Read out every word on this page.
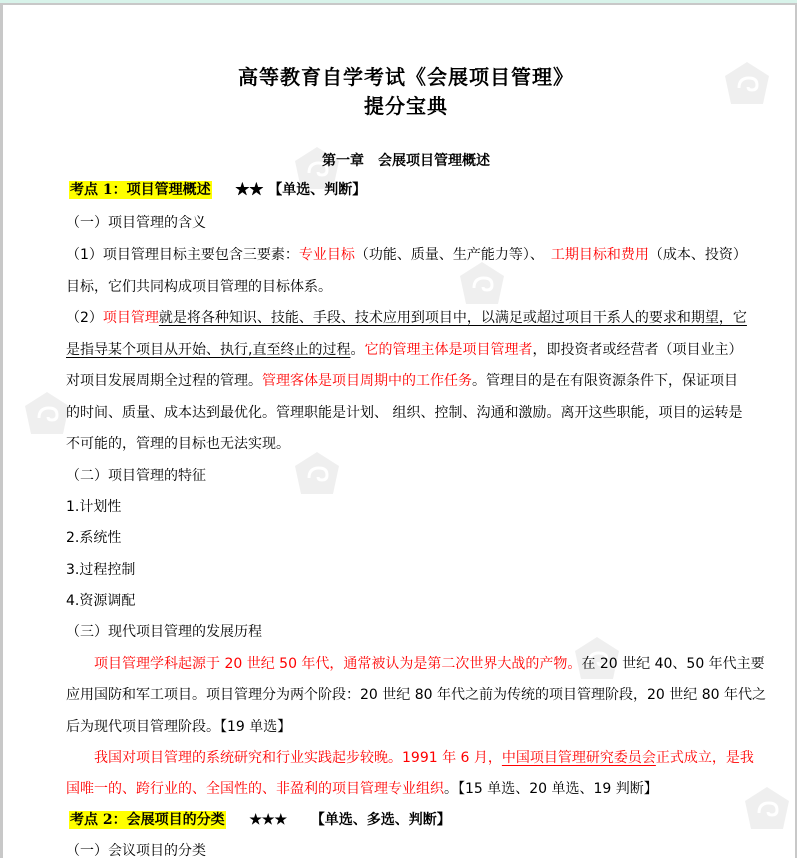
高等教育自学考试《会展项目管理》
提分宝典
第一章　会展项目管理概述
考点 1：项目管理概述 ★★ 【单选、判断】
（一）项目管理的含义
（1）项目管理目标主要包含三要素：专业目标（功能、质量、生产能力等）、　工期目标和费用（成本、投资）
目标，它们共同构成项目管理的目标体系。
（2）项目管理就是将各种知识、技能、手段、技术应用到项目中，以满足或超过项目干系人的要求和期望，它
是指导某个项目从开始、执行,直至终止的过程。它的管理主体是项目管理者，即投资者或经营者（项目业主）
对项目发展周期全过程的管理。管理客体是项目周期中的工作任务。管理目的是在有限资源条件下，保证项目
的时间、质量、成本达到最优化。管理职能是计划、 组织、控制、沟通和激励。离开这些职能，项目的运转是
不可能的，管理的目标也无法实现。
（二）项目管理的特征
1.计划性
2.系统性
3.过程控制
4.资源调配
（三）现代项目管理的发展历程
项目管理学科起源于 20 世纪 50 年代，通常被认为是第二次世界大战的产物。在 20 世纪 40、50 年代主要
应用国防和军工项目。项目管理分为两个阶段：20 世纪 80 年代之前为传统的项目管理阶段，20 世纪 80 年代之
后为现代项目管理阶段。【19 单选】
我国对项目管理的系统研究和行业实践起步较晚。1991 年 6 月，中国项目管理研究委员会正式成立，是我
国唯一的、跨行业的、全国性的、非盈利的项目管理专业组织。【15 单选、20 单选、19 判断】
考点 2：会展项目的分类 ★★★ 【单选、多选、判断】
（一）会议项目的分类
